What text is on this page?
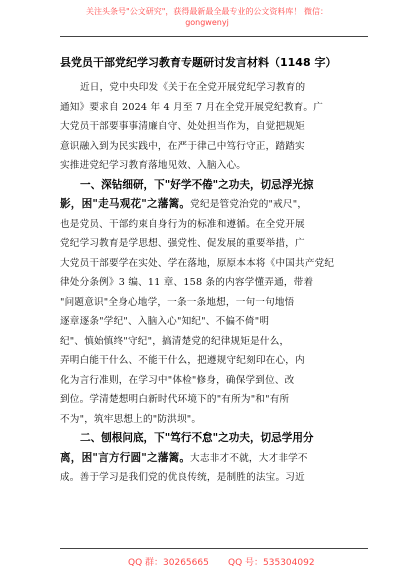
关注头条号"公文研究"，获得最新最全最专业的公文资料库！ 微信：gongwenyj
县党员干部党纪学习教育专题研讨发言材料（1148 字）
近日，党中央印发《关于在全党开展党纪学习教育的
通知》要求自 2024 年 4 月至 7 月在全党开展党纪教育。广
大党员干部要事事清廉自守、处处担当作为，自觉把规矩
意识融入到为民实践中，在严于律己中笃行守正，踏踏实
实推进党纪学习教育落地见效、入脑入心。
一、深钻细研，下"好学不倦"之功夫，切忌浮光掠
影，困"走马观花"之藩篱。党纪是管党治党的"戒尺"，
也是党员、干部约束自身行为的标准和遵循。在全党开展
党纪学习教育是学思想、强党性、促发展的重要举措，广
大党员干部要学在实处、学在落地，原原本本将《中国共产党纪
律处分条例》3 编、11 章、158 条的内容学懂弄通，带着
"问题意识"全身心地学，一条一条地想，一句一句地悟
逐章逐条"学纪"、入脑入心"知纪"、不偏不倚"明
纪"、慎始慎终"守纪"，搞清楚党的纪律规矩是什么，
弄明白能干什么、不能干什么，把遵规守纪刻印在心，内
化为言行准则，在学习中"体检"修身，确保学到位、改
到位。学清楚想明白新时代环境下的"有所为"和"有所
不为"，筑牢思想上的"防洪坝"。
二、刨根问底，下"笃行不怠"之功夫，切忌学用分
离，困"言方行圆"之藩篱。大志非才不就，大才非学不
成。善于学习是我们党的优良传统，是制胜的法宝。习近
QQ 群：30265665 QQ 号：535304092
